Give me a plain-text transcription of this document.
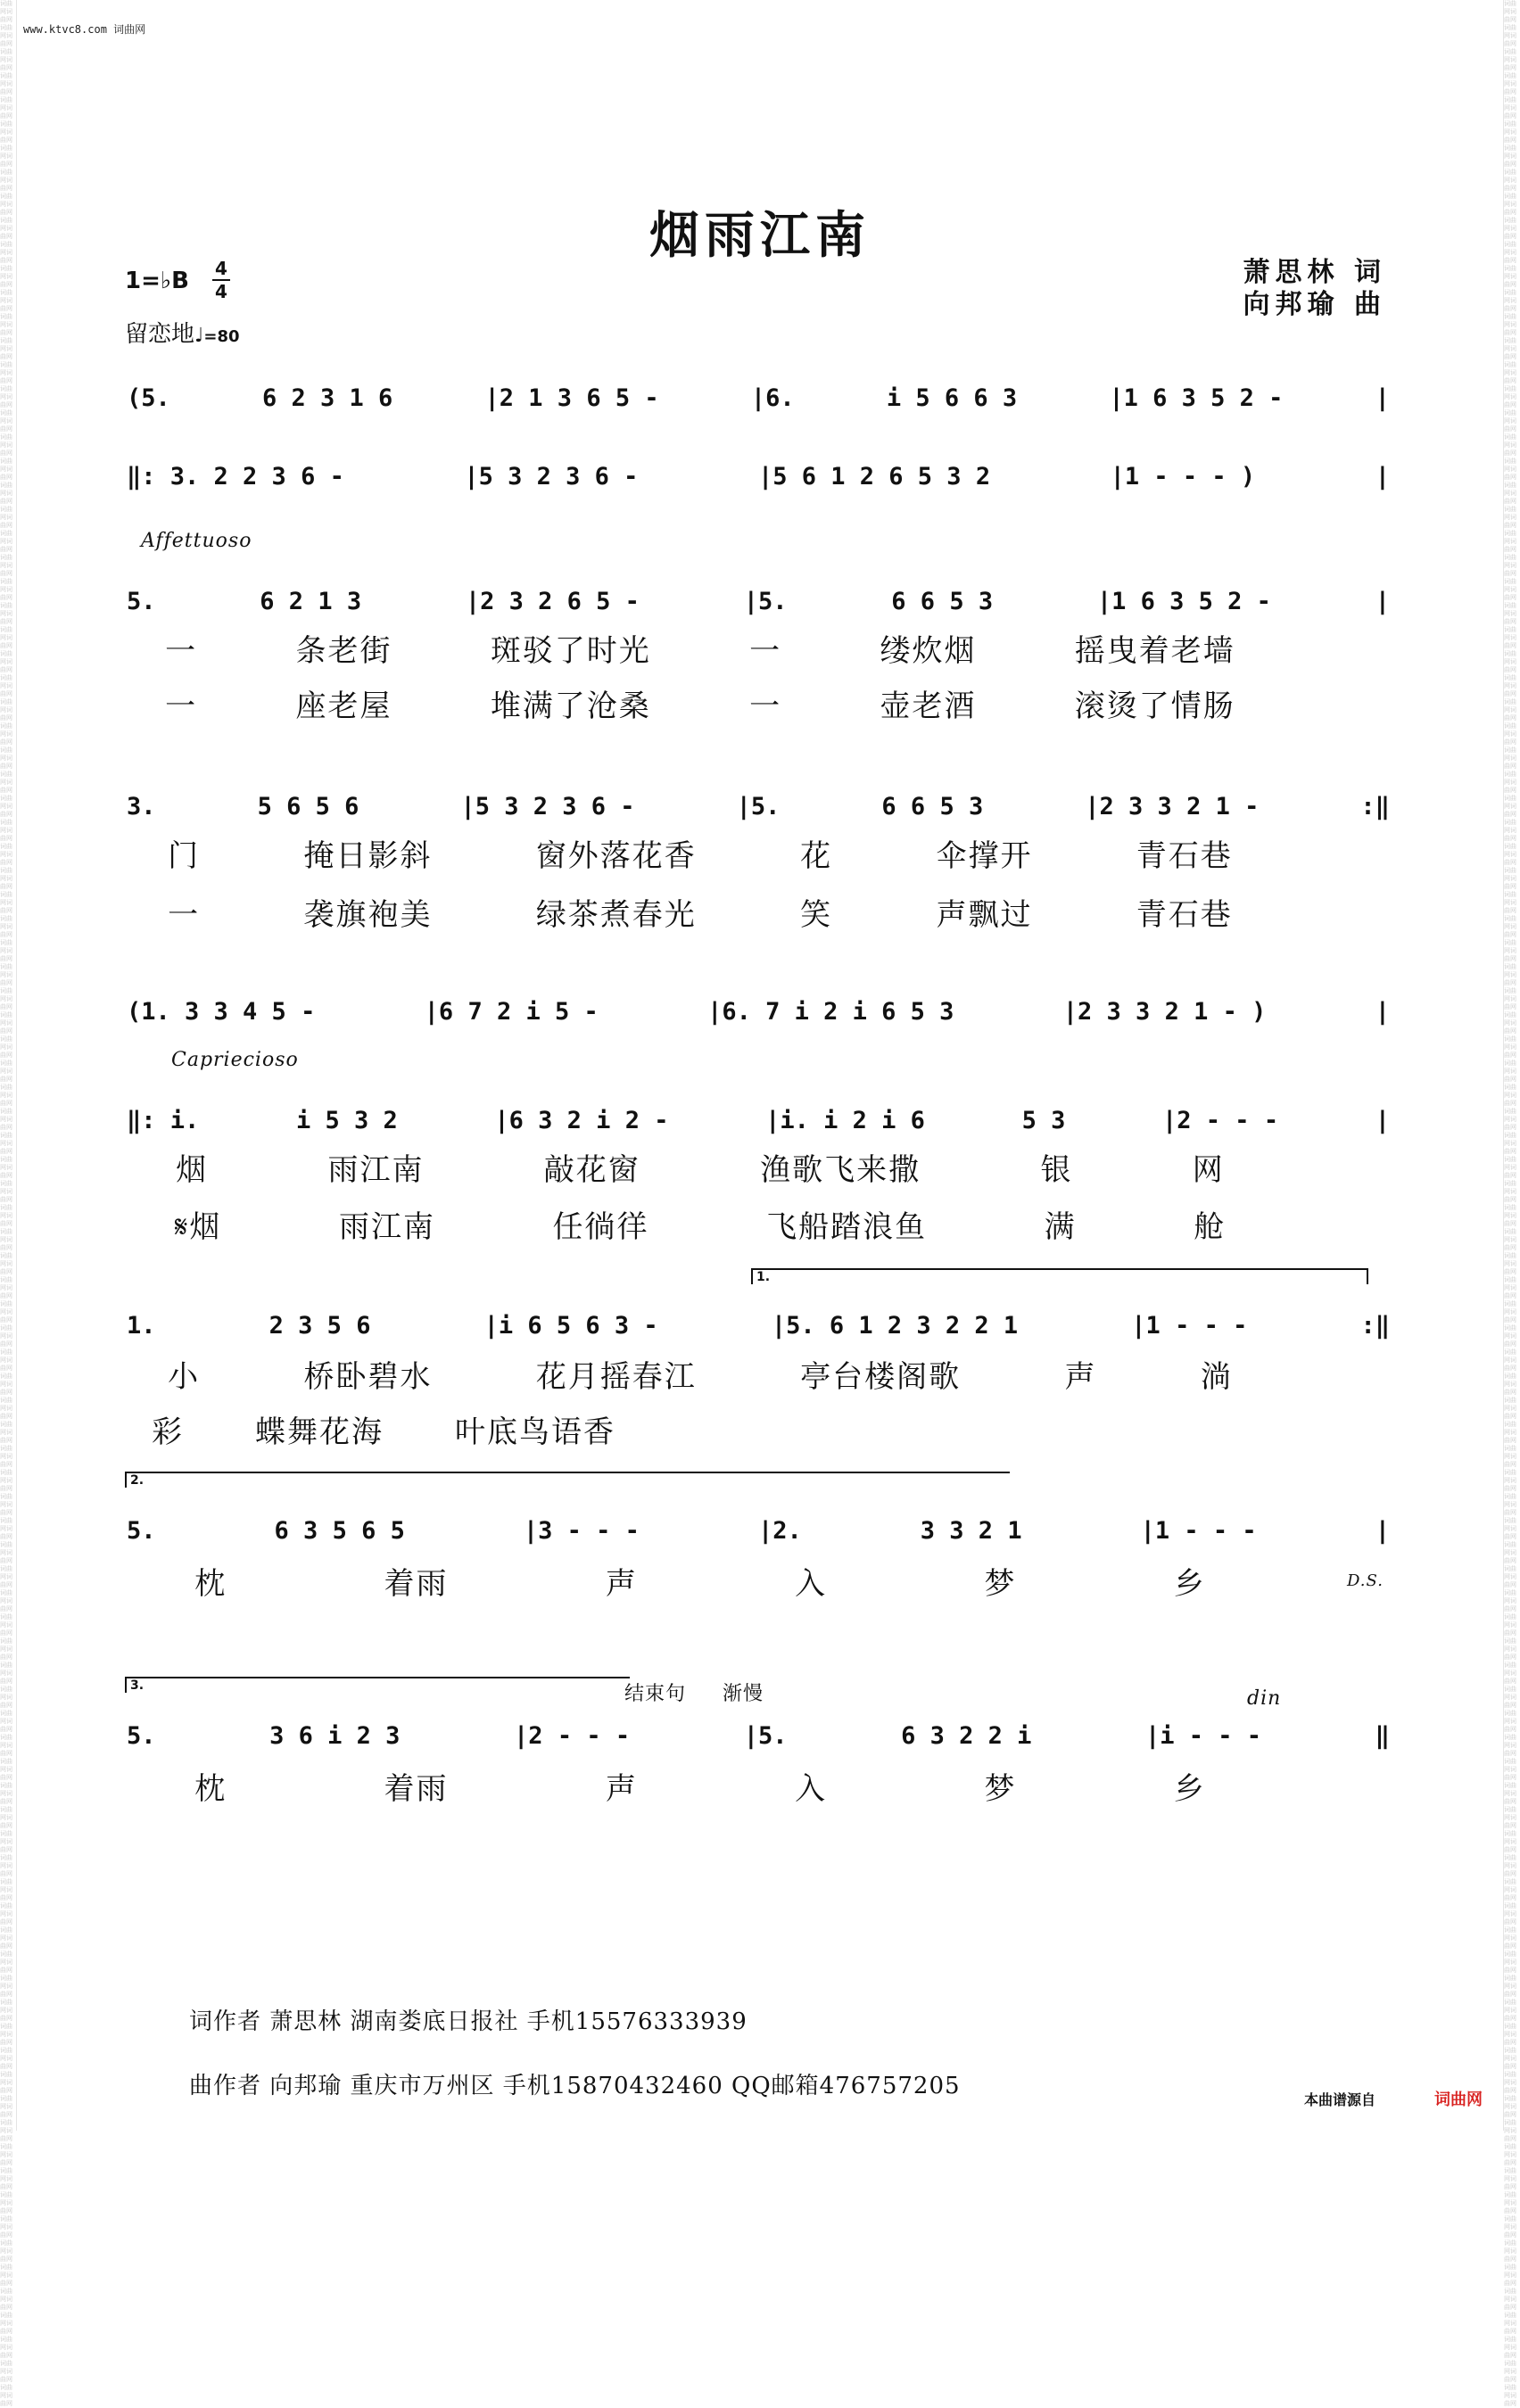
词曲网词曲网词曲网词曲网词曲网词曲网词曲网词曲网词曲网词曲网词曲网词曲网词曲网词曲网词曲网词曲网词曲网词曲网词曲网词曲网词曲网词曲网词曲网词曲网词曲网词曲网词曲网词曲网词曲网词曲网词曲网词曲网词曲网词曲网词曲网词曲网词曲网词曲网词曲网词曲网词曲网词曲网词曲网词曲网词曲网词曲网词曲网词曲网词曲网词曲网词曲网词曲网词曲网词曲网词曲网词曲网词曲网词曲网词曲网词曲网词曲网词曲网词曲网词曲网词曲网词曲网词曲网词曲网词曲网词曲网词曲网词曲网词曲网词曲网词曲网词曲网词曲网词曲网词曲网词曲网词曲网词曲网词曲网词曲网词曲网词曲网词曲网词曲网词曲网词曲网词曲网词曲网词曲网词曲网词曲网词曲网词曲网词曲网词曲网词曲网词曲网词曲网词曲网词曲网词曲网词曲网词曲网词曲网词曲网词曲网词曲网词曲网词曲网词曲网词曲网词曲网词曲网词曲网词曲网词曲网词曲网词曲网词曲网词曲网词曲网词曲网词曲网词曲网词曲网词曲网词曲网词曲网词曲网词曲网词曲网词曲网词曲网词曲网词曲网词曲网词曲网词曲网词曲网词曲网词曲网词曲网词曲网词曲网词曲网词曲网词曲网词曲网词曲网词曲网词曲网词曲网词曲网词曲网词曲网词曲网词曲网词曲网词曲网词曲网词曲网词曲网词曲网词曲网词曲网词曲网词曲网词曲网词曲网词曲网词曲网词曲网词曲网词曲网词曲网词曲网词曲网词曲网词曲网词曲网词曲网词曲网词曲网词曲网词曲网词曲网词曲网词曲网词曲网词曲网词曲网词曲网词曲网词曲网词曲网词曲网
词曲网词曲网词曲网词曲网词曲网词曲网词曲网词曲网词曲网词曲网词曲网词曲网词曲网词曲网词曲网词曲网词曲网词曲网词曲网词曲网词曲网词曲网词曲网词曲网词曲网词曲网词曲网词曲网词曲网词曲网词曲网词曲网词曲网词曲网词曲网词曲网词曲网词曲网词曲网词曲网词曲网词曲网词曲网词曲网词曲网词曲网词曲网词曲网词曲网词曲网词曲网词曲网词曲网词曲网词曲网词曲网词曲网词曲网词曲网词曲网词曲网词曲网词曲网词曲网词曲网词曲网词曲网词曲网词曲网词曲网词曲网词曲网词曲网词曲网词曲网词曲网词曲网词曲网词曲网词曲网词曲网词曲网词曲网词曲网词曲网词曲网词曲网词曲网词曲网词曲网词曲网词曲网词曲网词曲网词曲网词曲网词曲网词曲网词曲网词曲网词曲网词曲网词曲网词曲网词曲网词曲网词曲网词曲网词曲网词曲网词曲网词曲网词曲网词曲网词曲网词曲网词曲网词曲网词曲网词曲网词曲网词曲网词曲网词曲网词曲网词曲网词曲网词曲网词曲网词曲网词曲网词曲网词曲网词曲网词曲网词曲网词曲网词曲网词曲网词曲网词曲网词曲网词曲网词曲网词曲网词曲网词曲网词曲网词曲网词曲网词曲网词曲网词曲网词曲网词曲网词曲网词曲网词曲网词曲网词曲网词曲网词曲网词曲网词曲网词曲网词曲网词曲网词曲网词曲网词曲网词曲网词曲网词曲网词曲网词曲网词曲网词曲网词曲网词曲网词曲网词曲网词曲网词曲网词曲网词曲网词曲网词曲网词曲网词曲网词曲网词曲网词曲网词曲网词曲网词曲网词曲网词曲网词曲网词曲网词曲网
www.ktvc8.com 词曲网
烟雨江南
萧思林 词
向邦瑜 曲
1=♭B 4
4
留恋地♩=80
(5.	6 2 3 1 6	|2 1 3 6 5 -	|6.	i 5 6 6 3	|1 6 3 5 2 -	|
‖: 3. 2 2 3 6 -	|5 3 2 3 6 -	|5 6 1 2 6 5 3 2	|1 - - - )	|
Affettuoso
5.	6 2 1 3	|2 3 2 6 5 -	|5.	6 6 5 3	|1 6 3 5 2 -	|
一	条老街	斑驳了时光	一	缕炊烟	摇曳着老墙
一	座老屋	堆满了沧桑	一	壶老酒	滚烫了情肠
3.	5 6 5 6	|5 3 2 3 6 -	|5.	6 6 5 3	|2 3 3 2 1 -	:‖
门	掩日影斜	窗外落花香	花	伞撑开	青石巷
一	袭旗袍美	绿茶煮春光	笑	声飘过	青石巷
(1. 3 3 4 5 -	|6 7 2 i 5 -	|6. 7 i 2 i 6 5 3	|2 3 3 2 1 - )	|
Capriecioso
‖: i.	i 5 3 2	|6 3 2 i 2 -	|i. i 2 i 6	5 3	|2 - - -	|
烟	雨江南	敲花窗	渔歌飞来撒	银	网
𝄋烟	雨江南	任徜徉	飞船踏浪鱼	满	舱
1.
1.	2 3 5 6	|i 6 5 6 3 -	|5. 6 1 2 3 2 2 1	|1 - - -	:‖
小	桥卧碧水	花月摇春江	亭台楼阁歌	声	淌
彩 蝶舞花海 叶底鸟语香
2.
5.	6 3 5 6 5	|3 - - -	|2.	3 3 2 1	|1 - - -	|
枕	着雨	声	入	梦	乡	D.S.
3.	结束句 渐慢	din
5.	3 6 i 2 3	|2 - - -	|5.	6 3 2 2 i	|i - - -	‖
枕	着雨	声	入	梦	乡
词作者 萧思林 湖南娄底日报社 手机15576333939
曲作者 向邦瑜 重庆市万州区 手机15870432460 QQ邮箱476757205
本曲谱源自	词曲网
